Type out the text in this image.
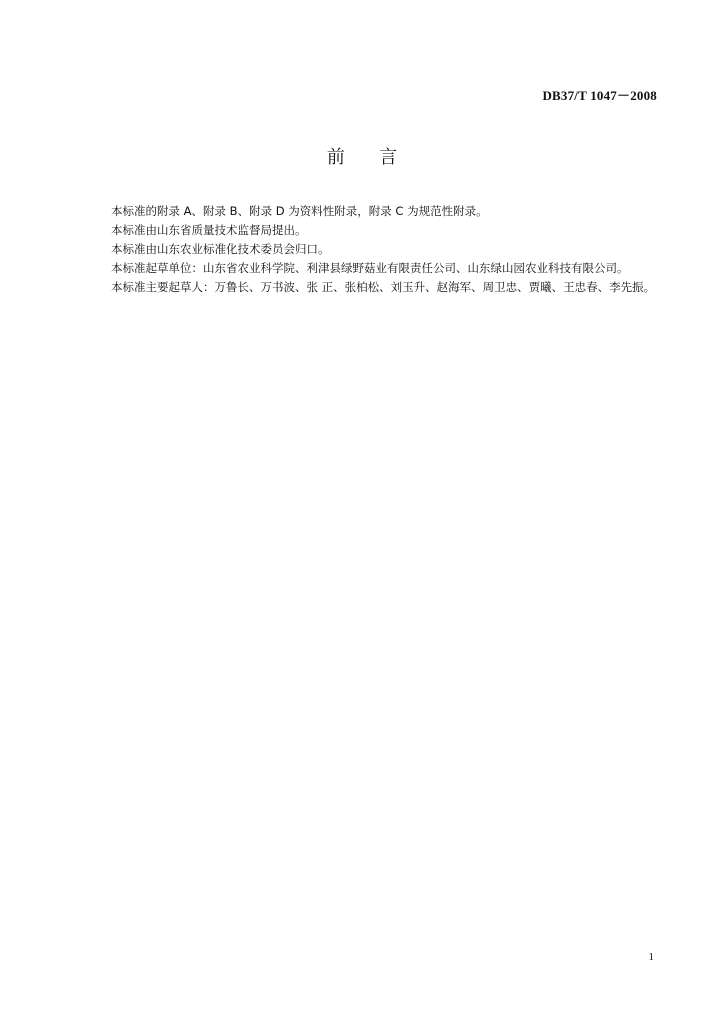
DB37/T 1047－2008
前      言

本标准的附录 A、附录 B、附录 D 为资料性附录，附录 C 为规范性附录。

本标准由山东省质量技术监督局提出。

本标准由山东农业标准化技术委员会归口。

本标准起草单位：山东省农业科学院、利津县绿野菇业有限责任公司、山东绿山园农业科技有限公司。

本标准主要起草人：万鲁长、万书波、张 正、张柏松、刘玉升、赵海军、周卫忠、贾曦、王忠春、李先振。

1
